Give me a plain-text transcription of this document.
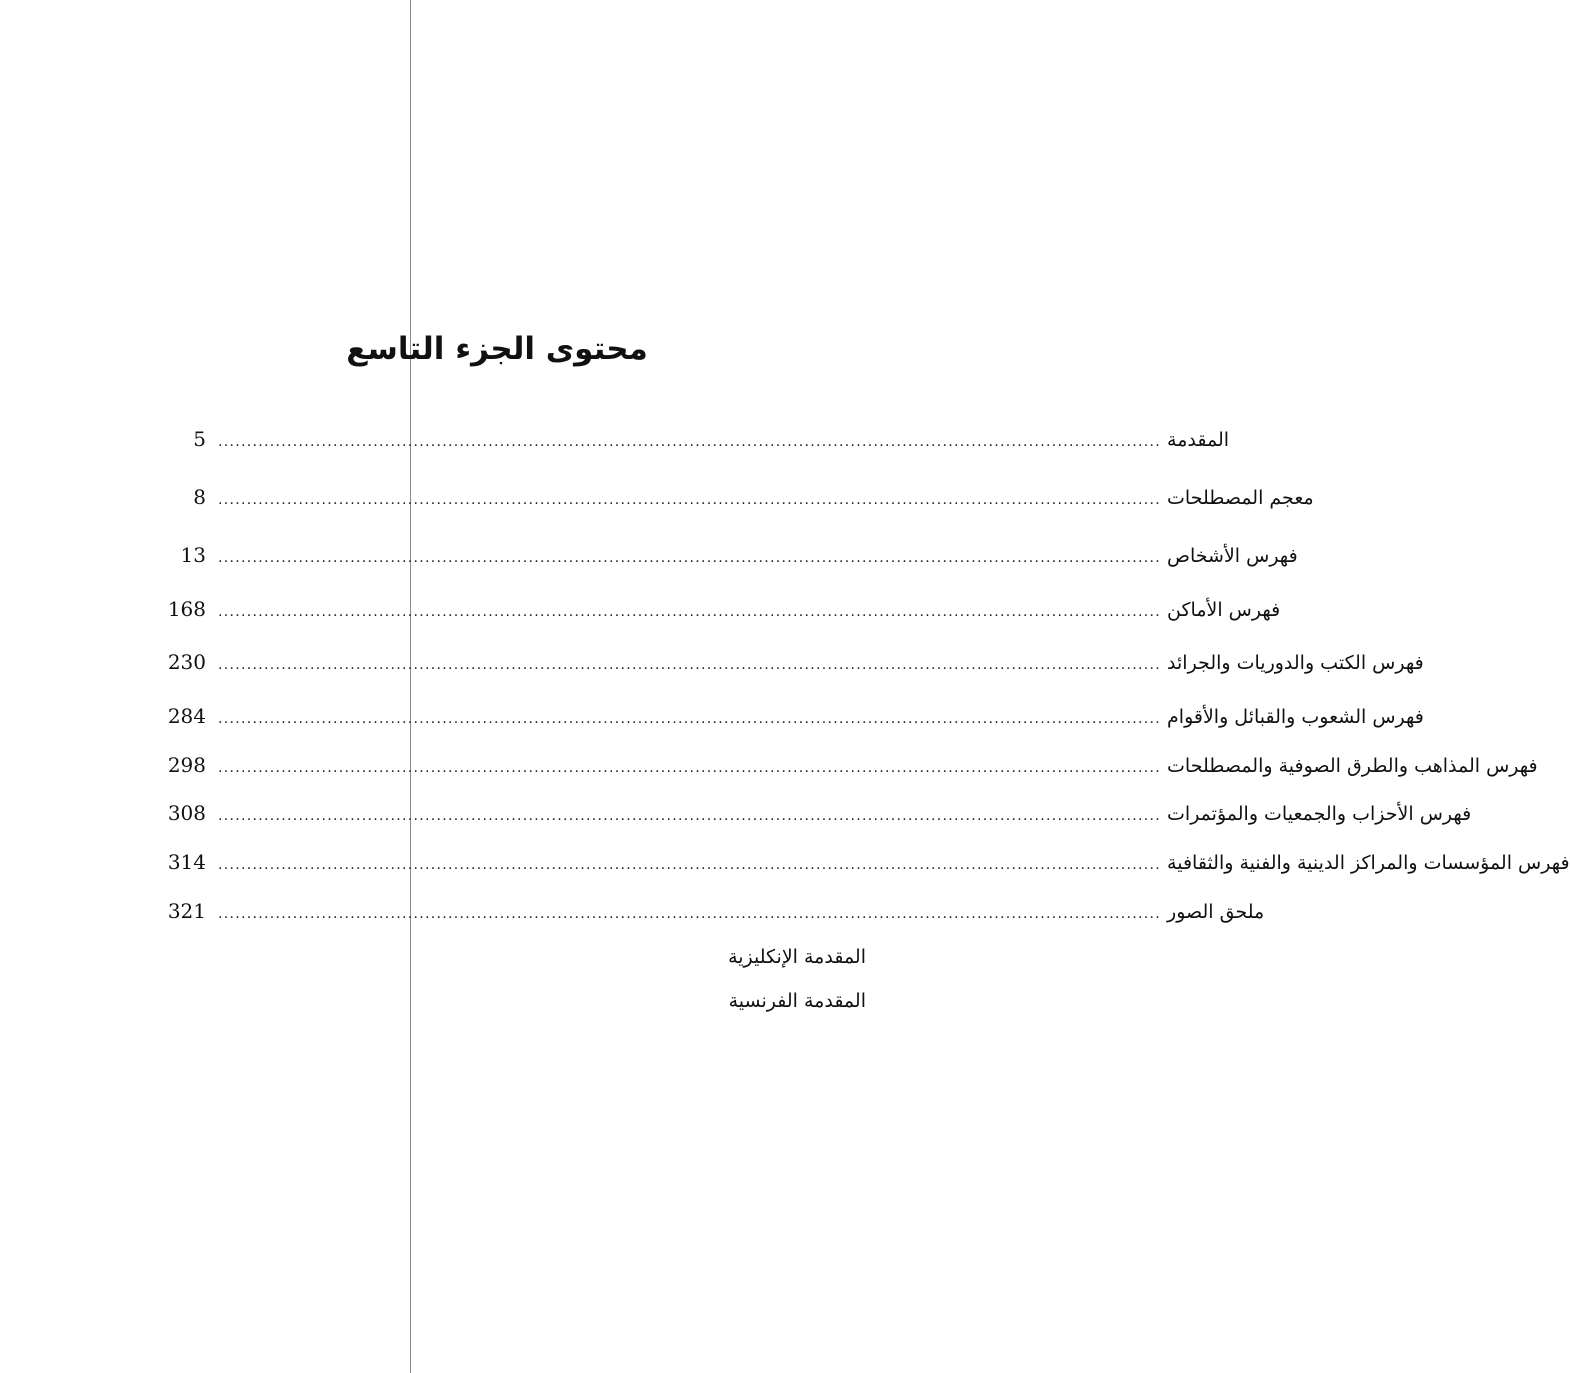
محتوى الجزء التاسع
5 .................................................................................................................................................................... المقدمة
8 .................................................................................................................................................................... معجم المصطلحات
13 .................................................................................................................................................................... فهرس الأشخاص
168 .................................................................................................................................................................... فهرس الأماكن
230 .................................................................................................................................................................... فهرس الكتب والدوريات والجرائد
284 .................................................................................................................................................................... فهرس الشعوب والقبائل والأقوام
298 .................................................................................................................................................................... فهرس المذاهب والطرق الصوفية والمصطلحات
308 .................................................................................................................................................................... فهرس الأحزاب والجمعيات والمؤتمرات
314 .................................................................................................................................................................... فهرس المؤسسات والمراكز الدينية والفنية والثقافية
321 .................................................................................................................................................................... ملحق الصور
المقدمة الإنكليزية
المقدمة الفرنسية
